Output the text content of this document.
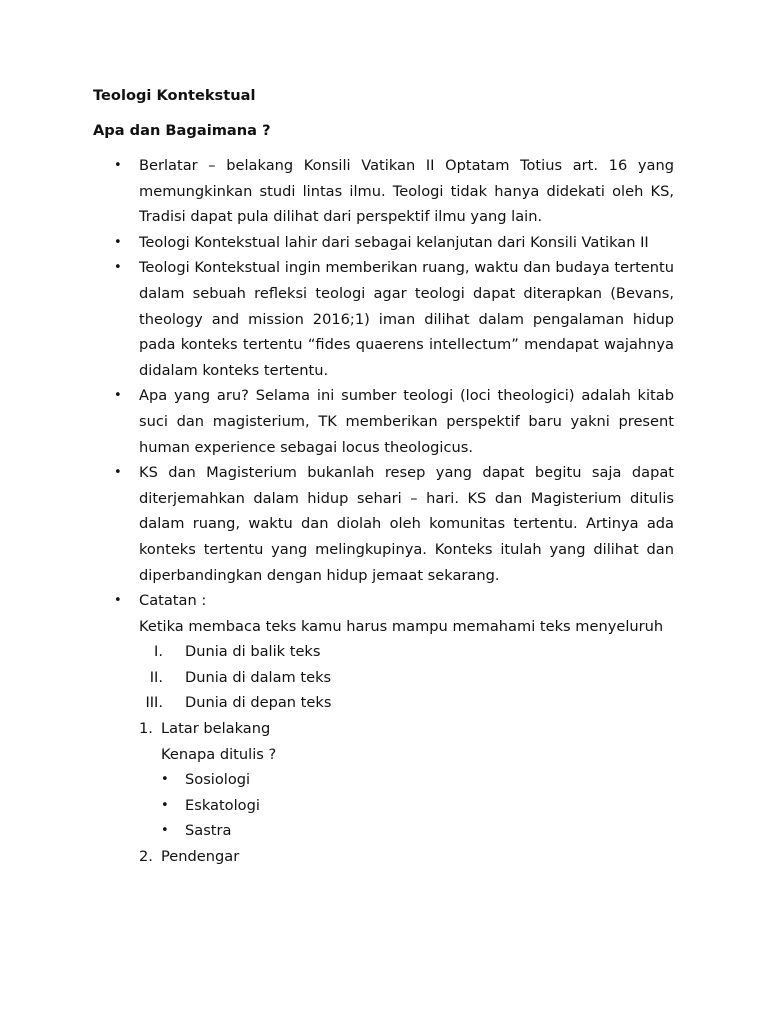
Teologi Kontekstual

Apa dan Bagaimana ?

• Berlatar – belakang Konsili Vatikan II Optatam Totius art. 16 yang memungkinkan studi lintas ilmu. Teologi tidak hanya didekati oleh KS, Tradisi dapat pula dilihat dari perspektif ilmu yang lain.
• Teologi Kontekstual lahir dari sebagai kelanjutan dari Konsili Vatikan II
• Teologi Kontekstual ingin memberikan ruang, waktu dan budaya tertentu dalam sebuah refleksi teologi agar teologi dapat diterapkan (Bevans, theology and mission 2016;1) iman dilihat dalam pengalaman hidup pada konteks tertentu “fides quaerens intellectum” mendapat wajahnya didalam konteks tertentu.
• Apa yang aru? Selama ini sumber teologi (loci theologici) adalah kitab suci dan magisterium, TK memberikan perspektif baru yakni present human experience sebagai locus theologicus.
• KS dan Magisterium bukanlah resep yang dapat begitu saja dapat diterjemahkan dalam hidup sehari – hari. KS dan Magisterium ditulis dalam ruang, waktu dan diolah oleh komunitas tertentu. Artinya ada konteks tertentu yang melingkupinya. Konteks itulah yang dilihat dan diperbandingkan dengan hidup jemaat sekarang.
• Catatan :
Ketika membaca teks kamu harus mampu memahami teks menyeluruh
I. Dunia di balik teks
II. Dunia di dalam teks
III. Dunia di depan teks
1. Latar belakang
Kenapa ditulis ?
• Sosiologi
• Eskatologi
• Sastra
2. Pendengar
